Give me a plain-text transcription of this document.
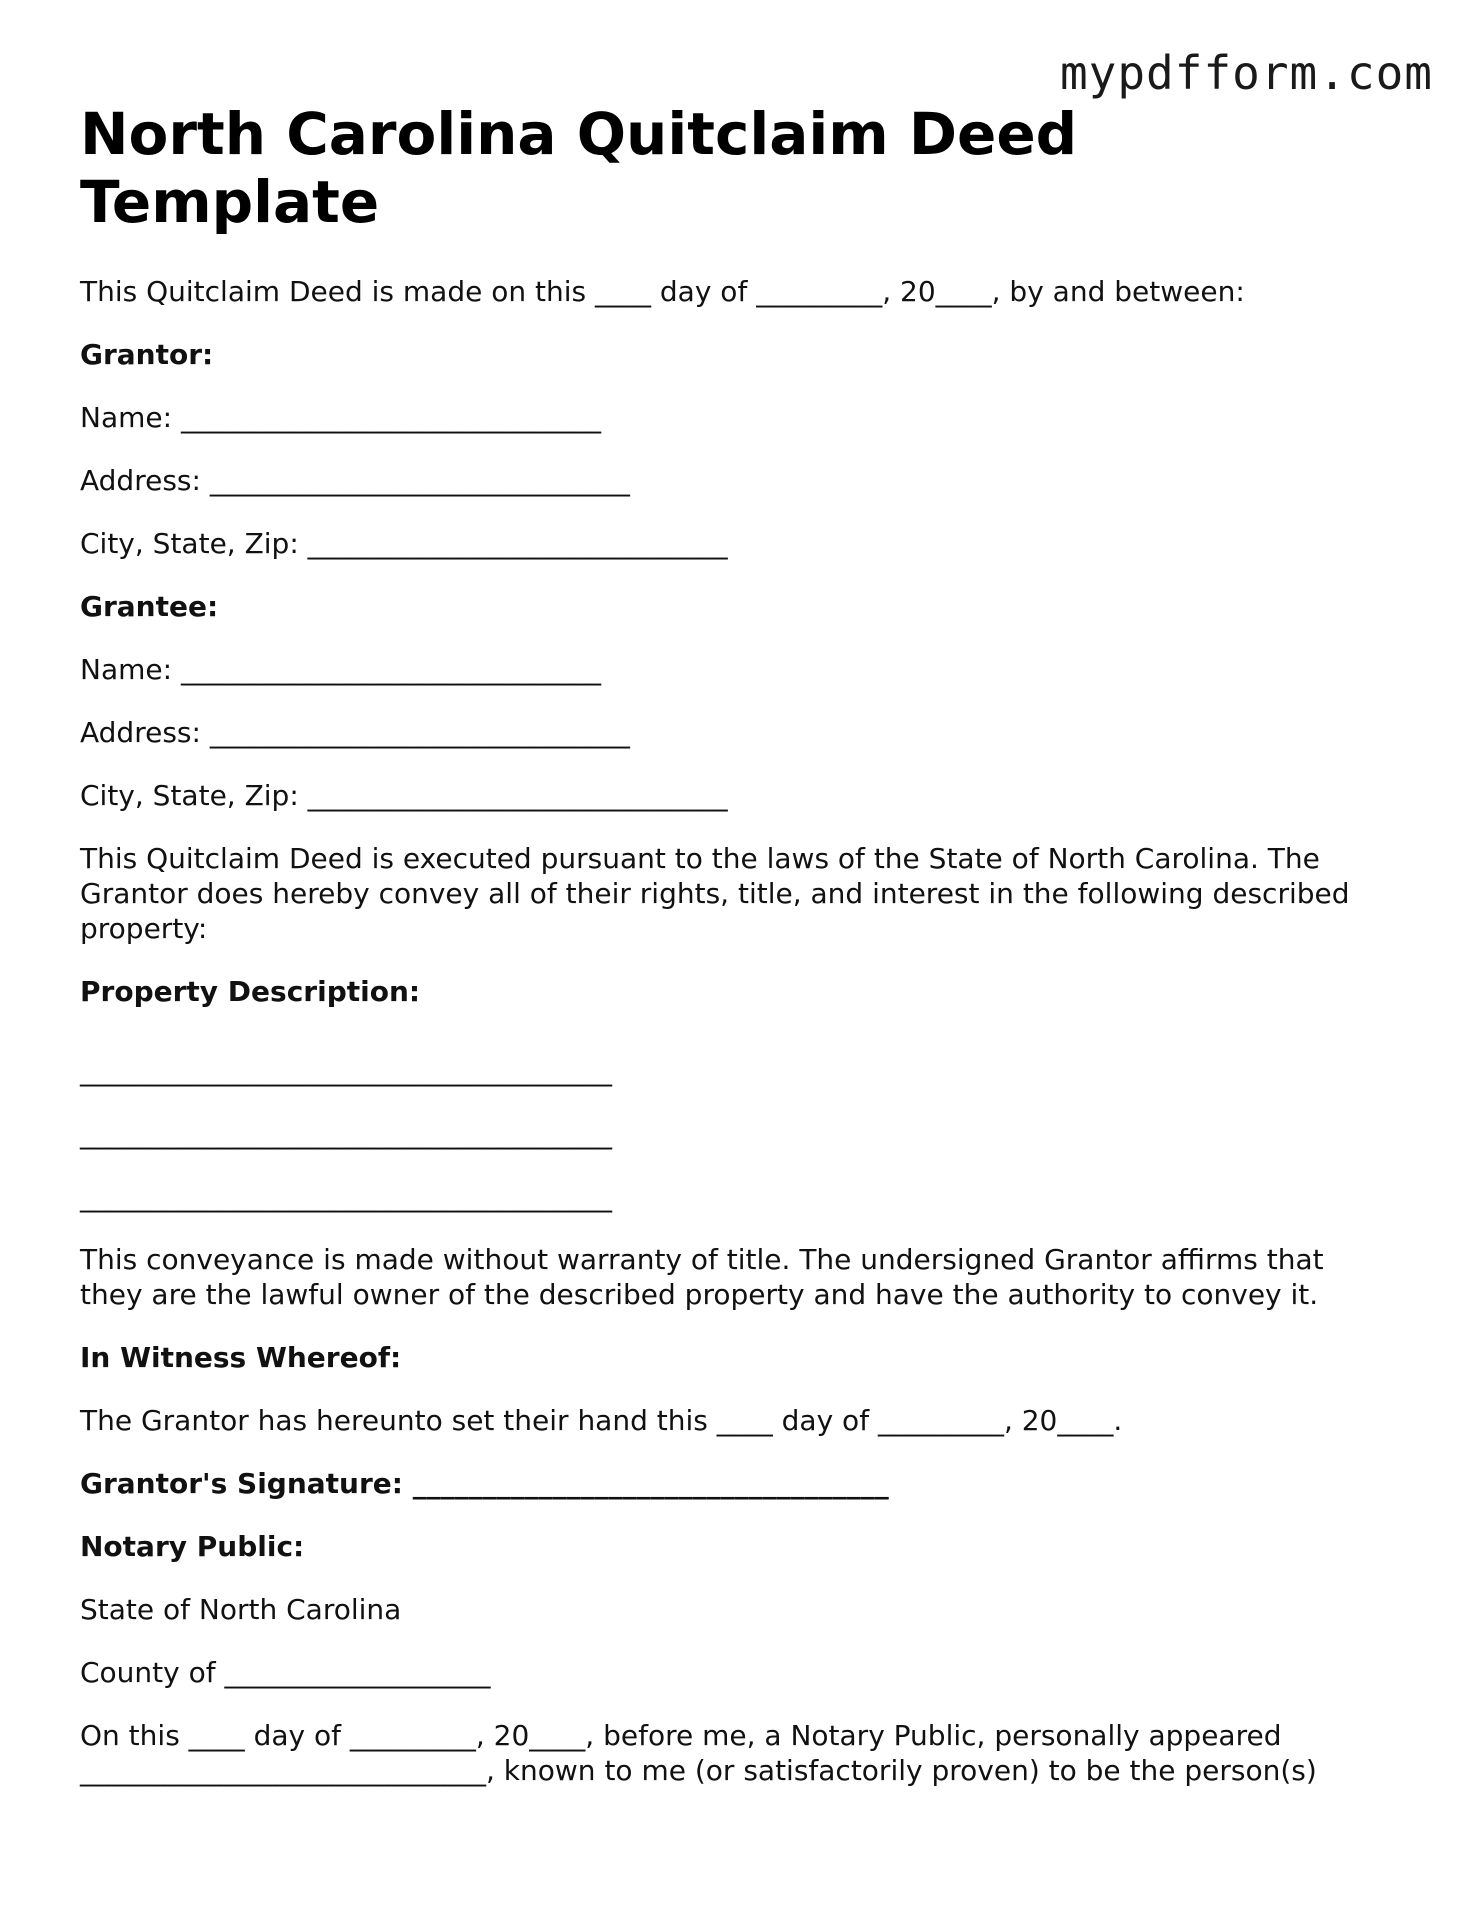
mypdfform.com
North Carolina Quitclaim Deed Template

This Quitclaim Deed is made on this ____ day of _________, 20____, by and between:

Grantor:

Name: ______________________________

Address: ______________________________

City, State, Zip: ______________________________

Grantee:

Name: ______________________________

Address: ______________________________

City, State, Zip: ______________________________

This Quitclaim Deed is executed pursuant to the laws of the State of North Carolina. The Grantor does hereby convey all of their rights, title, and interest in the following described property:

Property Description:

______________________________________

______________________________________

______________________________________

This conveyance is made without warranty of title. The undersigned Grantor affirms that they are the lawful owner of the described property and have the authority to convey it.

In Witness Whereof:

The Grantor has hereunto set their hand this ____ day of _________, 20____.

Grantor's Signature: __________________________________

Notary Public:

State of North Carolina

County of ___________________

On this ____ day of _________, 20____, before me, a Notary Public, personally appeared _____________________________, known to me (or satisfactorily proven) to be the person(s)
